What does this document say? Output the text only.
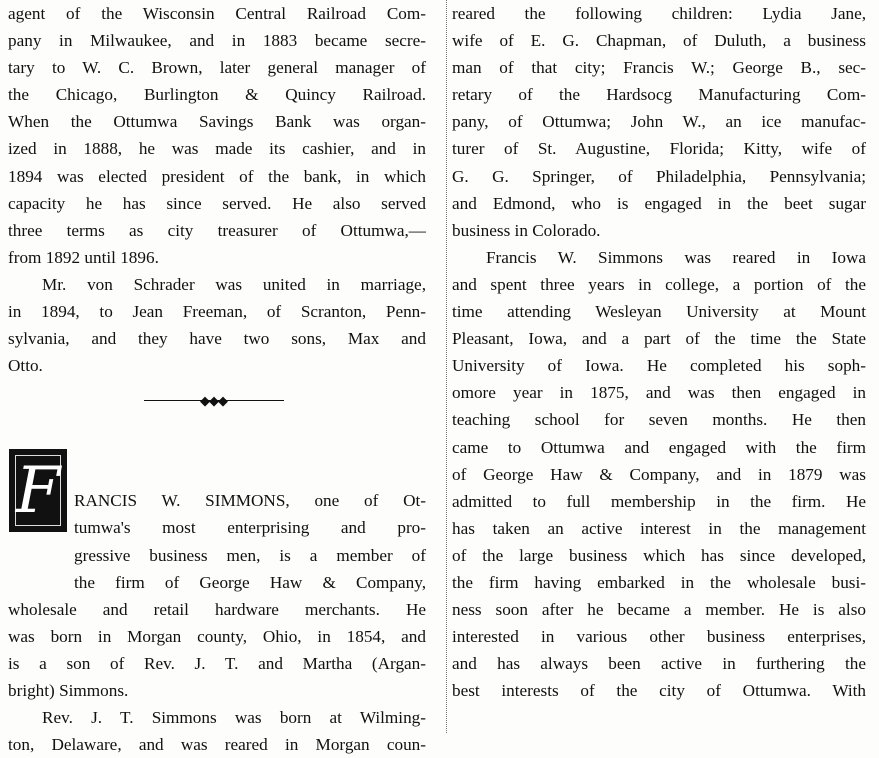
agent of the Wisconsin Central Railroad Com-
pany in Milwaukee, and in 1883 became secre-
tary to W. C. Brown, later general manager of
the Chicago, Burlington & Quincy Railroad.
When the Ottumwa Savings Bank was organ-
ized in 1888, he was made its cashier, and in
1894 was elected president of the bank, in which
capacity he has since served. He also served
three terms as city treasurer of Ottumwa,—
from 1892 until 1896.
Mr. von Schrader was united in marriage,
in 1894, to Jean Freeman, of Scranton, Penn-
sylvania, and they have two sons, Max and
Otto.
RANCIS W. SIMMONS, one of Ot-
tumwa's most enterprising and pro-
gressive business men, is a member of
the firm of George Haw & Company,
wholesale and retail hardware merchants. He
was born in Morgan county, Ohio, in 1854, and
is a son of Rev. J. T. and Martha (Argan-
bright) Simmons.
Rev. J. T. Simmons was born at Wilming-
ton, Delaware, and was reared in Morgan coun-
◆◆◆
F
reared the following children: Lydia Jane,
wife of E. G. Chapman, of Duluth, a business
man of that city; Francis W.; George B., sec-
retary of the Hardsocg Manufacturing Com-
pany, of Ottumwa; John W., an ice manufac-
turer of St. Augustine, Florida; Kitty, wife of
G. G. Springer, of Philadelphia, Pennsylvania;
and Edmond, who is engaged in the beet sugar
business in Colorado.
Francis W. Simmons was reared in Iowa
and spent three years in college, a portion of the
time attending Wesleyan University at Mount
Pleasant, Iowa, and a part of the time the State
University of Iowa. He completed his soph-
omore year in 1875, and was then engaged in
teaching school for seven months. He then
came to Ottumwa and engaged with the firm
of George Haw & Company, and in 1879 was
admitted to full membership in the firm. He
has taken an active interest in the management
of the large business which has since developed,
the firm having embarked in the wholesale busi-
ness soon after he became a member. He is also
interested in various other business enterprises,
and has always been active in furthering the
best interests of the city of Ottumwa. With
